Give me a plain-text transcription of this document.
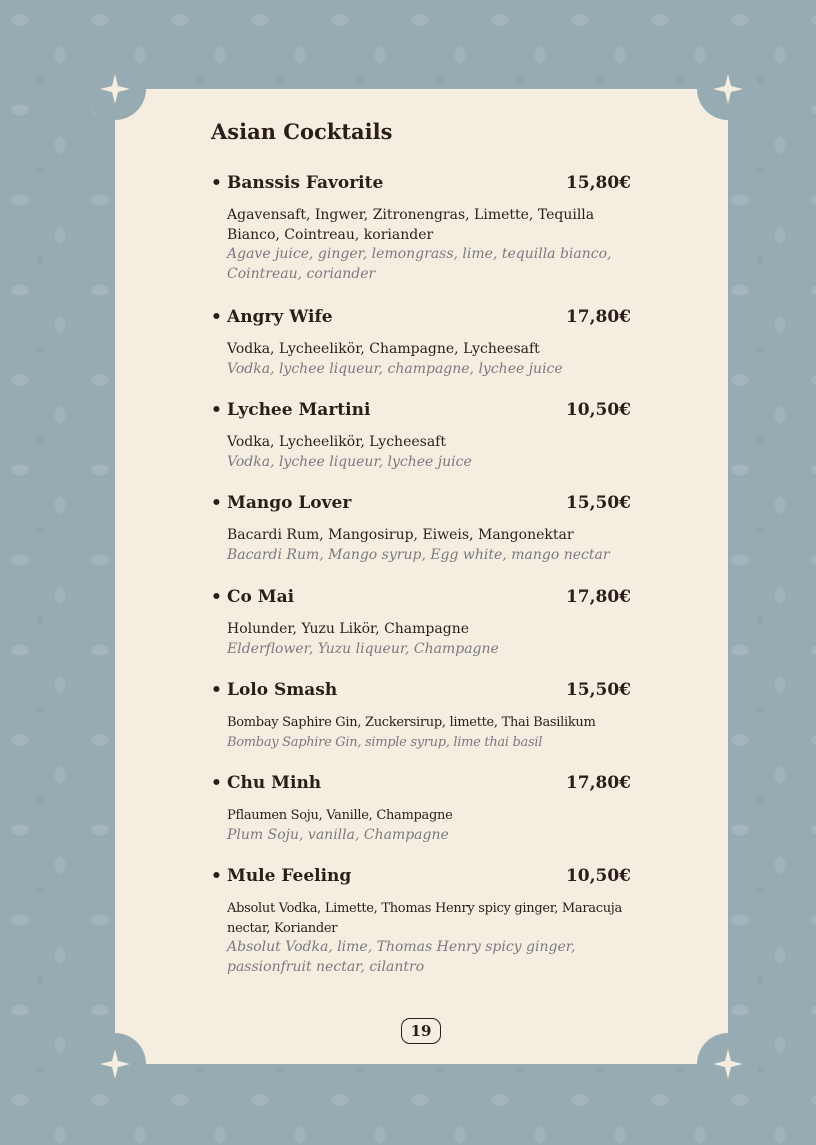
Asian Cocktails
• Banssis Favorite	15,80€
Agavensaft, Ingwer, Zitronengras, Limette, Tequilla Bianco, Cointreau, koriander
Agave juice, ginger, lemongrass, lime, tequilla bianco, Cointreau, coriander
• Angry Wife	17,80€
Vodka, Lycheelikör, Champagne, Lycheesaft
Vodka, lychee liqueur, champagne, lychee juice
• Lychee Martini	10,50€
Vodka, Lycheelikör, Lycheesaft
Vodka, lychee liqueur, lychee juice
• Mango Lover	15,50€
Bacardi Rum, Mangosirup, Eiweis, Mangonektar
Bacardi Rum, Mango syrup, Egg white, mango nectar
• Co Mai	17,80€
Holunder, Yuzu Likör, Champagne
Elderflower, Yuzu liqueur, Champagne
• Lolo Smash	15,50€
Bombay Saphire Gin, Zuckersirup, limette, Thai Basilikum
Bombay Saphire Gin, simple syrup, lime thai basil
• Chu Minh	17,80€
Pflaumen Soju, Vanille, Champagne
Plum Soju, vanilla, Champagne
• Mule Feeling	10,50€
Absolut Vodka, Limette, Thomas Henry spicy ginger, Maracuja nectar, Koriander
Absolut Vodka, lime, Thomas Henry spicy ginger, passionfruit nectar, cilantro
19
